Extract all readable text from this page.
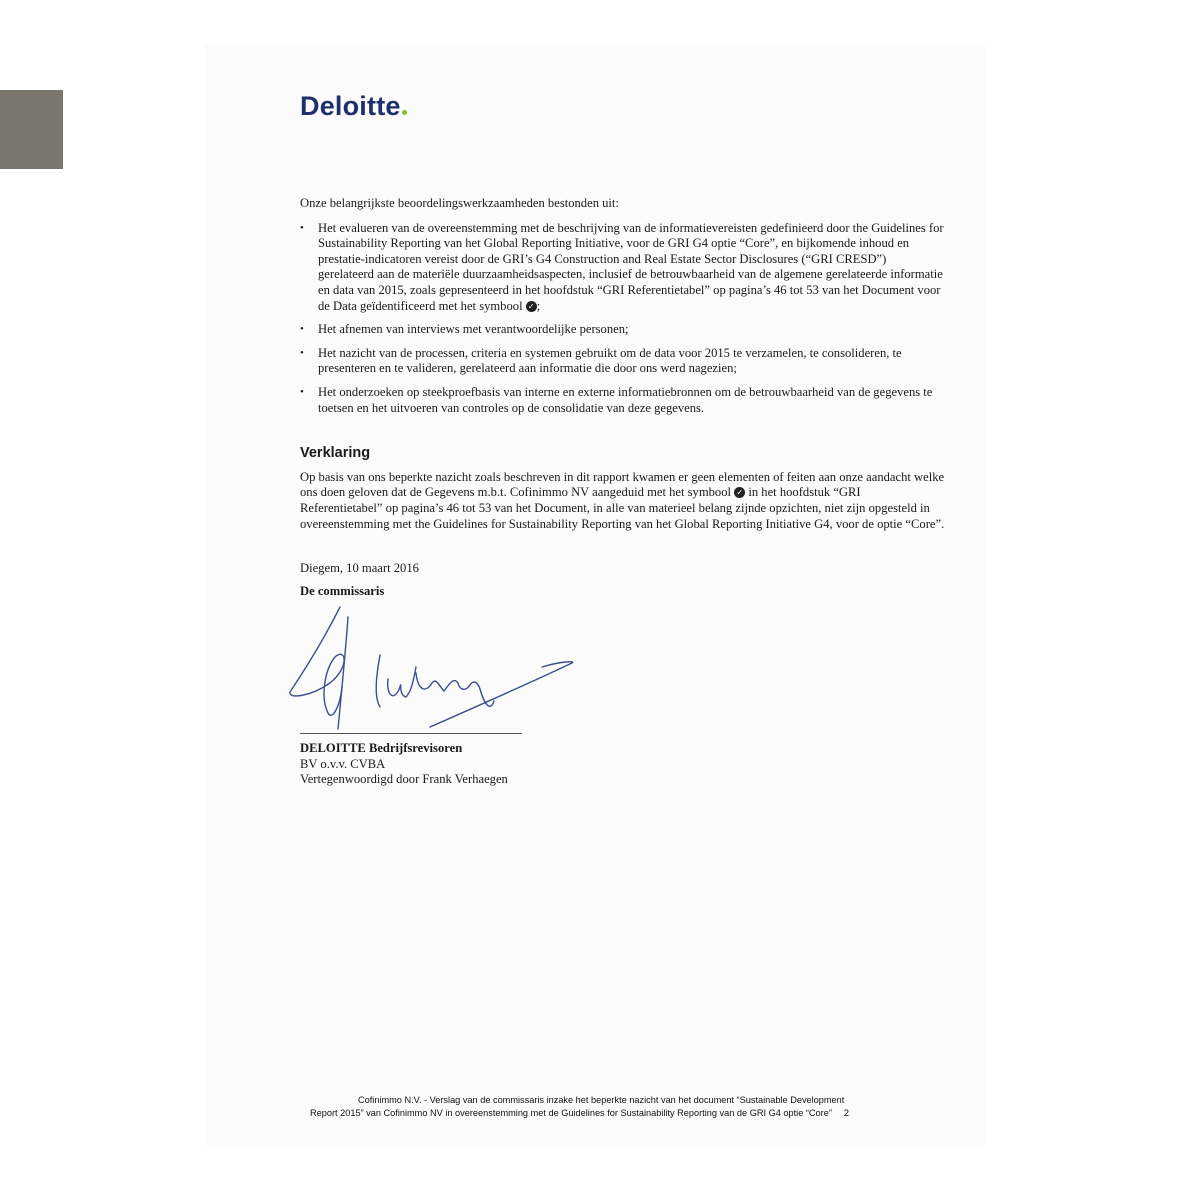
Deloitte

Onze belangrijkste beoordelingswerkzaamheden bestonden uit:

• Het evalueren van de overeenstemming met de beschrijving van de informatievereisten gedefinieerd door the Guidelines for Sustainability Reporting van het Global Reporting Initiative, voor de GRI G4 optie “Core”, en bijkomende inhoud en prestatie-indicatoren vereist door de GRI’s G4 Construction and Real Estate Sector Disclosures (“GRI CRESD”) gerelateerd aan de materiële duurzaamheidsaspecten, inclusief de betrouwbaarheid van de algemene gerelateerde informatie en data van 2015, zoals gepresenteerd in het hoofdstuk “GRI Referentietabel” op pagina’s 46 tot 53 van het Document voor de Data geïdentificeerd met het symbool ✓ ;
• Het afnemen van interviews met verantwoordelijke personen;
• Het nazicht van de processen, criteria en systemen gebruikt om de data voor 2015 te verzamelen, te consolideren, te presenteren en te valideren, gerelateerd aan informatie die door ons werd nagezien;
• Het onderzoeken op steekproefbasis van interne en externe informatiebronnen om de betrouwbaarheid van de gegevens te toetsen en het uitvoeren van controles op de consolidatie van deze gegevens.
Verklaring

Op basis van ons beperkte nazicht zoals beschreven in dit rapport kwamen er geen elementen of feiten aan onze aandacht welke ons doen geloven dat de Gegevens m.b.t. Cofinimmo NV aangeduid met het symbool ✓ in het hoofdstuk “GRI Referentietabel” op pagina’s 46 tot 53 van het Document, in alle van materieel belang zijnde opzichten, niet zijn opgesteld in overeenstemming met the Guidelines for Sustainability Reporting van het Global Reporting Initiative G4, voor de optie “Core”.

Diegem, 10 maart 2016
De commissaris
DELOITTE Bedrijfsrevisoren
BV o.v.v. CVBA
Vertegenwoordigd door Frank Verhaegen
Cofinimmo N.V. - Verslag van de commissaris inzake het beperkte nazicht van het document “Sustainable Development
Report 2015” van Cofinimmo NV in overeenstemming met de Guidelines for Sustainability Reporting van de GRI G4 optie “Core” 2
